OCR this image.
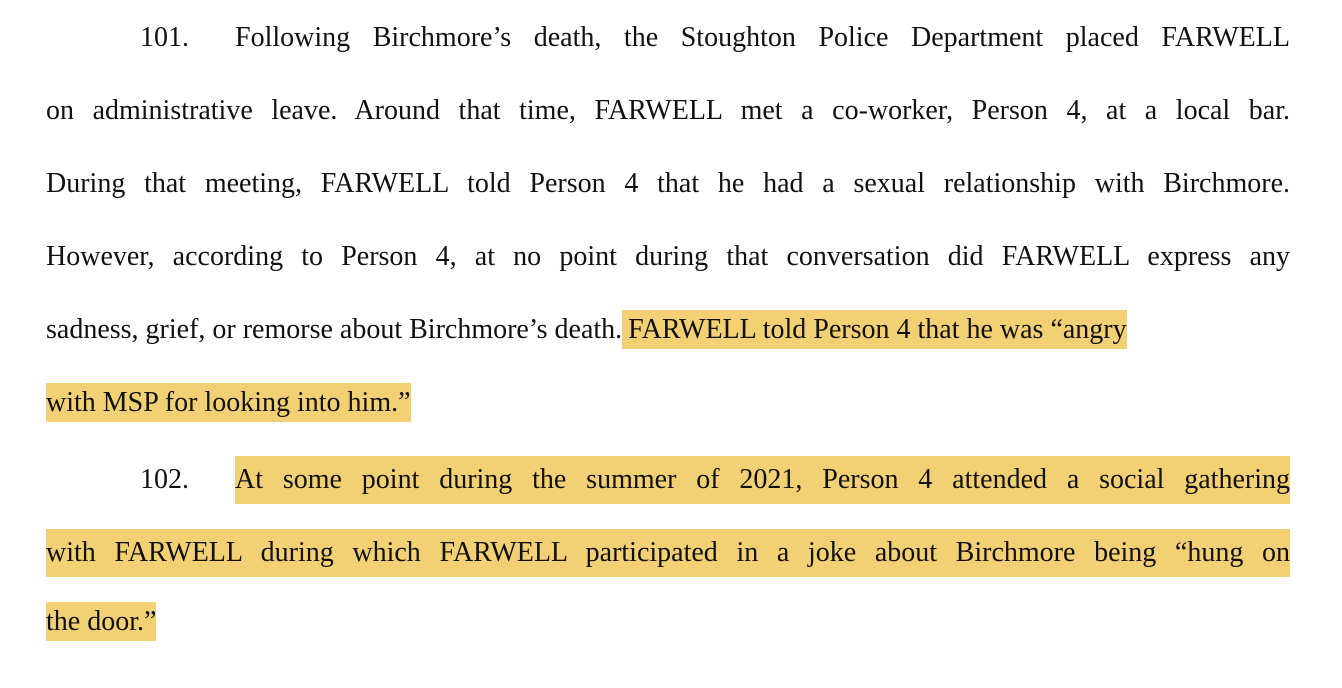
101. Following Birchmore’s death, the Stoughton Police Department placed FARWELL
on administrative leave. Around that time, FARWELL met a co-worker, Person 4, at a local bar.
During that meeting, FARWELL told Person 4 that he had a sexual relationship with Birchmore.
However, according to Person 4, at no point during that conversation did FARWELL express any
sadness, grief, or remorse about Birchmore’s death. FARWELL told Person 4 that he was “angry
with MSP for looking into him.”
102. At some point during the summer of 2021, Person 4 attended a social gathering
with FARWELL during which FARWELL participated in a joke about Birchmore being “hung on
the door.”
